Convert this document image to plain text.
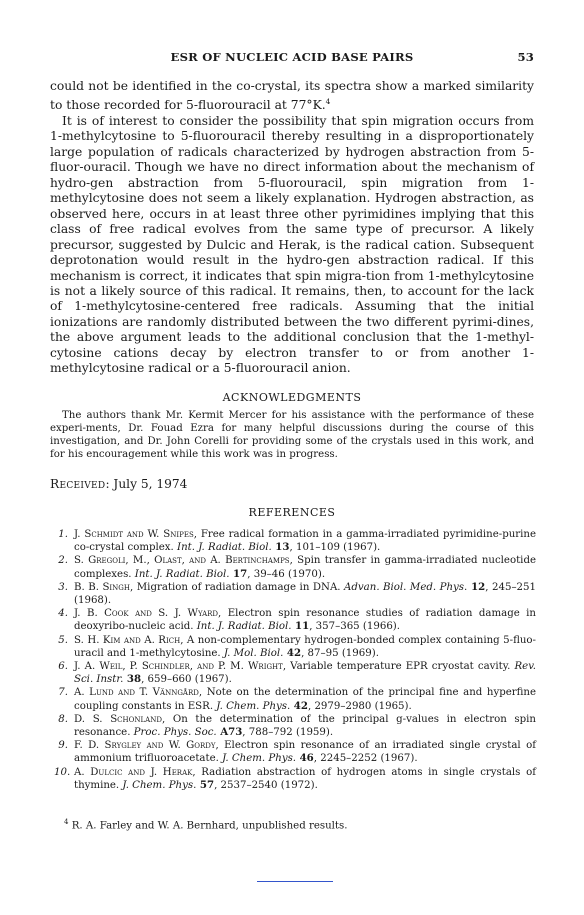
ESR OF NUCLEIC ACID BASE PAIRS	53

could not be identified in the co-crystal, its spectra show a marked similarity to those recorded for 5-fluorouracil at 77°K.$^4$

It is of interest to consider the possibility that spin migration occurs from 1-methylcytosine to 5-fluorouracil thereby resulting in a disproportionately large population of radicals characterized by hydrogen abstraction from 5-fluor-ouracil. Though we have no direct information about the mechanism of hydro-gen abstraction from 5-fluorouracil, spin migration from 1-methylcytosine does not seem a likely explanation. Hydrogen abstraction, as observed here, occurs in at least three other pyrimidines implying that this class of free radical evolves from the same type of precursor. A likely precursor, suggested by Dulcic and Herak, is the radical cation. Subsequent deprotonation would result in the hydro-gen abstraction radical. If this mechanism is correct, it indicates that spin migra-tion from 1-methylcytosine is not a likely source of this radical. It remains, then, to account for the lack of 1-methylcytosine-centered free radicals. Assuming that the initial ionizations are randomly distributed between the two different pyrimi-dines, the above argument leads to the additional conclusion that the 1-methyl-cytosine cations decay by electron transfer to or from another 1-methylcytosine radical or a 5-fluorouracil anion.

ACKNOWLEDGMENTS
The authors thank Mr. Kermit Mercer for his assistance with the performance of these experi-ments, Dr. Fouad Ezra for many helpful discussions during the course of this investigation, and Dr. John Corelli for providing some of the crystals used in this work, and for his encouragement while this work was in progress.
Received: July 5, 1974
REFERENCES
1. J. Schmidt and W. Snipes, Free radical formation in a gamma-irradiated pyrimidine-purine co-crystal complex. Int. J. Radiat. Biol. 13, 101–109 (1967).
2. S. Gregoli, M., Olast, and A. Bertinchamps, Spin transfer in gamma-irradiated nucleotide complexes. Int. J. Radiat. Biol. 17, 39–46 (1970).
3. B. B. Singh, Migration of radiation damage in DNA. Advan. Biol. Med. Phys. 12, 245–251 (1968).
4. J. B. Cook and S. J. Wyard, Electron spin resonance studies of radiation damage in deoxyribo-nucleic acid. Int. J. Radiat. Biol. 11, 357–365 (1966).
5. S. H. Kim and A. Rich, A non-complementary hydrogen-bonded complex containing 5-fluo-uracil and 1-methylcytosine. J. Mol. Biol. 42, 87–95 (1969).
6. J. A. Weil, P. Schindler, and P. M. Wright, Variable temperature EPR cryostat cavity. Rev. Sci. Instr. 38, 659–660 (1967).
7. A. Lund and T. Vänngård, Note on the determination of the principal fine and hyperfine coupling constants in ESR. J. Chem. Phys. 42, 2979–2980 (1965).
8. D. S. Schonland, On the determination of the principal g-values in electron spin resonance. Proc. Phys. Soc. A73, 788–792 (1959).
9. F. D. Srygley and W. Gordy, Electron spin resonance of an irradiated single crystal of ammonium trifluoroacetate. J. Chem. Phys. 46, 2245–2252 (1967).
10. A. Dulcic and J. Herak, Radiation abstraction of hydrogen atoms in single crystals of thymine. J. Chem. Phys. 57, 2537–2540 (1972).
$^4$ R. A. Farley and W. A. Bernhard, unpublished results.
